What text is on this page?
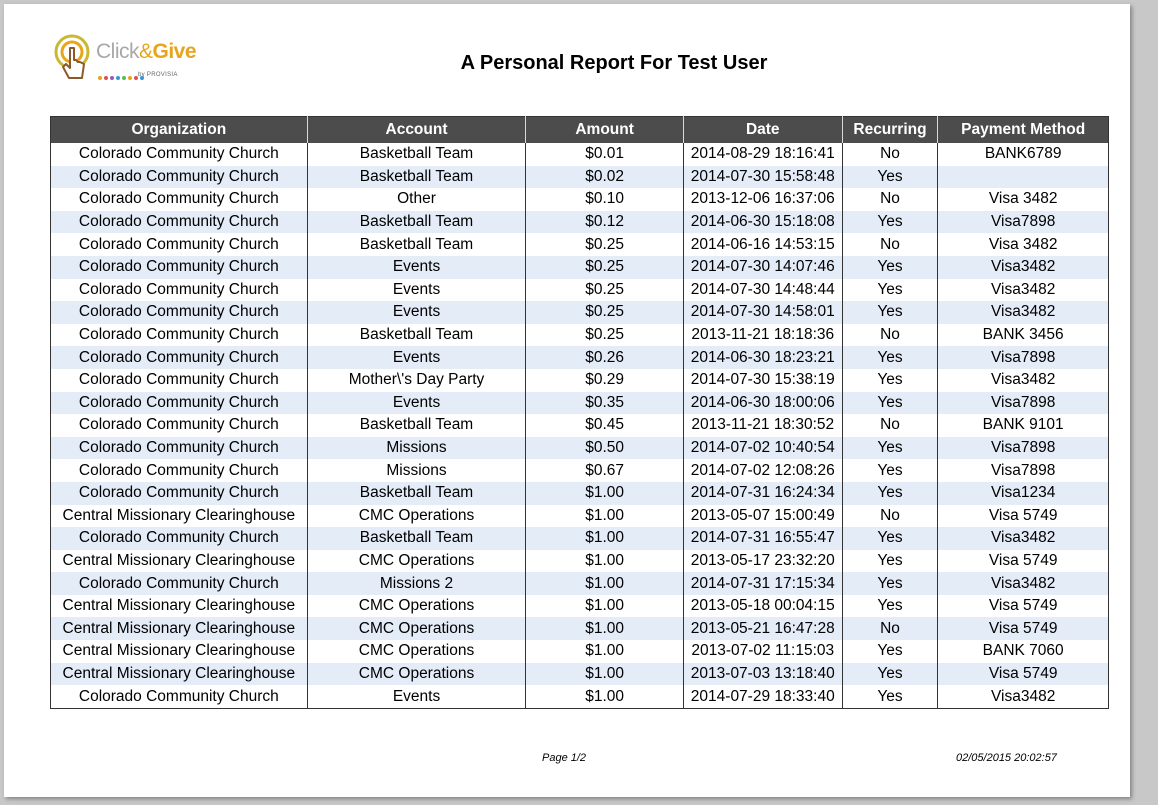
Click&Give
by PROVISIA
A Personal Report For Test User
Organization	Account	Amount	Date	Recurring	Payment Method
Colorado Community Church	Basketball Team	$0.01	2014-08-29 18:16:41	No	BANK6789
Colorado Community Church	Basketball Team	$0.02	2014-07-30 15:58:48	Yes	
Colorado Community Church	Other	$0.10	2013-12-06 16:37:06	No	Visa 3482
Colorado Community Church	Basketball Team	$0.12	2014-06-30 15:18:08	Yes	Visa7898
Colorado Community Church	Basketball Team	$0.25	2014-06-16 14:53:15	No	Visa 3482
Colorado Community Church	Events	$0.25	2014-07-30 14:07:46	Yes	Visa3482
Colorado Community Church	Events	$0.25	2014-07-30 14:48:44	Yes	Visa3482
Colorado Community Church	Events	$0.25	2014-07-30 14:58:01	Yes	Visa3482
Colorado Community Church	Basketball Team	$0.25	2013-11-21 18:18:36	No	BANK 3456
Colorado Community Church	Events	$0.26	2014-06-30 18:23:21	Yes	Visa7898
Colorado Community Church	Mother\'s Day Party	$0.29	2014-07-30 15:38:19	Yes	Visa3482
Colorado Community Church	Events	$0.35	2014-06-30 18:00:06	Yes	Visa7898
Colorado Community Church	Basketball Team	$0.45	2013-11-21 18:30:52	No	BANK 9101
Colorado Community Church	Missions	$0.50	2014-07-02 10:40:54	Yes	Visa7898
Colorado Community Church	Missions	$0.67	2014-07-02 12:08:26	Yes	Visa7898
Colorado Community Church	Basketball Team	$1.00	2014-07-31 16:24:34	Yes	Visa1234
Central Missionary Clearinghouse	CMC Operations	$1.00	2013-05-07 15:00:49	No	Visa 5749
Colorado Community Church	Basketball Team	$1.00	2014-07-31 16:55:47	Yes	Visa3482
Central Missionary Clearinghouse	CMC Operations	$1.00	2013-05-17 23:32:20	Yes	Visa 5749
Colorado Community Church	Missions 2	$1.00	2014-07-31 17:15:34	Yes	Visa3482
Central Missionary Clearinghouse	CMC Operations	$1.00	2013-05-18 00:04:15	Yes	Visa 5749
Central Missionary Clearinghouse	CMC Operations	$1.00	2013-05-21 16:47:28	No	Visa 5749
Central Missionary Clearinghouse	CMC Operations	$1.00	2013-07-02 11:15:03	Yes	BANK 7060
Central Missionary Clearinghouse	CMC Operations	$1.00	2013-07-03 13:18:40	Yes	Visa 5749
Colorado Community Church	Events	$1.00	2014-07-29 18:33:40	Yes	Visa3482
Page 1/2	02/05/2015 20:02:57
